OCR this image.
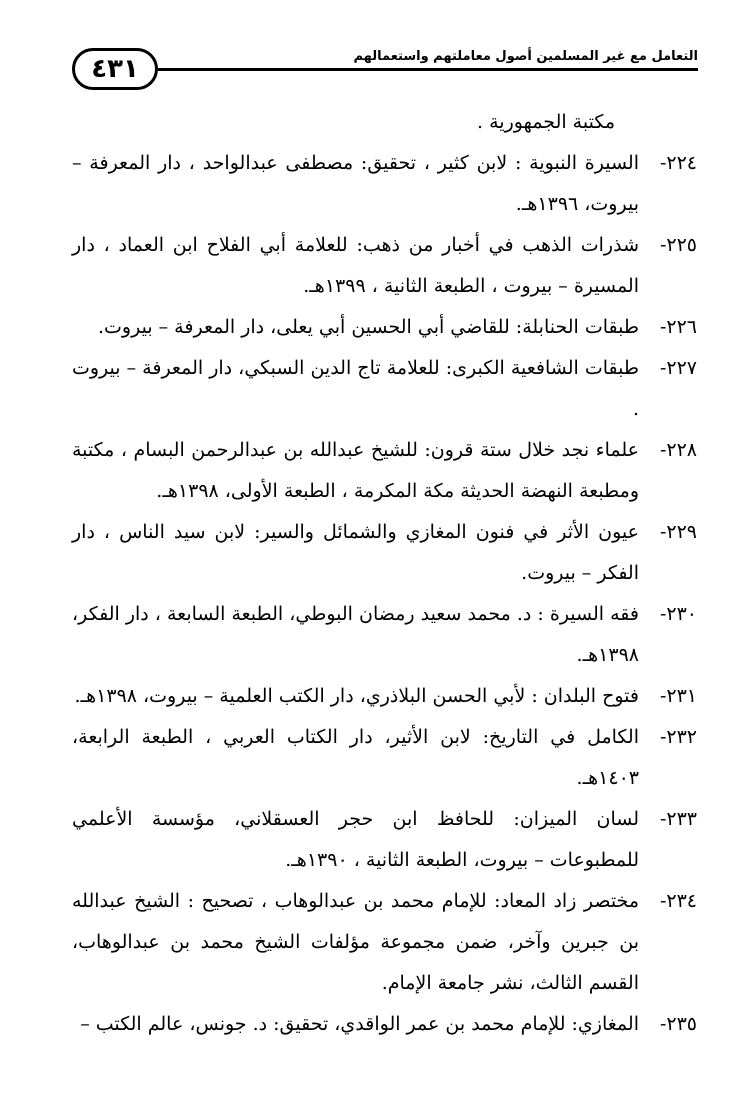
التعامل مع غير المسلمين أصول معاملتهم واستعمالهم
٤٣١
مكتبة الجمهورية .
٢٢٤-
السيرة النبوية : لابن كثير ، تحقيق: مصطفى عبدالواحد ، دار المعرفة – بيروت، ١٣٩٦هـ.
٢٢٥-
شذرات الذهب في أخبار من ذهب: للعلامة أبي الفلاح ابن العماد ، دار المسيرة – بيروت ، الطبعة الثانية ، ١٣٩٩هـ.
٢٢٦-
طبقات الحنابلة: للقاضي أبي الحسين أبي يعلى، دار المعرفة – بيروت.
٢٢٧-
طبقات الشافعية الكبرى: للعلامة تاج الدين السبكي، دار المعرفة – بيروت .
٢٢٨-
علماء نجد خلال ستة قرون: للشيخ عبدالله بن عبدالرحمن البسام ، مكتبة ومطبعة النهضة الحديثة مكة المكرمة ، الطبعة الأولى، ١٣٩٨هـ.
٢٢٩-
عيون الأثر في فنون المغازي والشمائل والسير: لابن سيد الناس ، دار الفكر – بيروت.
٢٣٠-
فقه السيرة : د. محمد سعيد رمضان البوطي، الطبعة السابعة ، دار الفكر، ١٣٩٨هـ.
٢٣١-
فتوح البلدان : لأبي الحسن البلاذري، دار الكتب العلمية – بيروت، ١٣٩٨هـ.
٢٣٢-
الكامل في التاريخ: لابن الأثير، دار الكتاب العربي ، الطبعة الرابعة، ١٤٠٣هـ.
٢٣٣-
لسان الميزان: للحافظ ابن حجر العسقلاني، مؤسسة الأعلمي للمطبوعات – بيروت، الطبعة الثانية ، ١٣٩٠هـ.
٢٣٤-
مختصر زاد المعاد: للإمام محمد بن عبدالوهاب ، تصحيح : الشيخ عبدالله بن جبرين وآخر، ضمن مجموعة مؤلفات الشيخ محمد بن عبدالوهاب، القسم الثالث، نشر جامعة الإمام.
٢٣٥-
المغازي: للإمام محمد بن عمر الواقدي، تحقيق: د. جونس، عالم الكتب –
